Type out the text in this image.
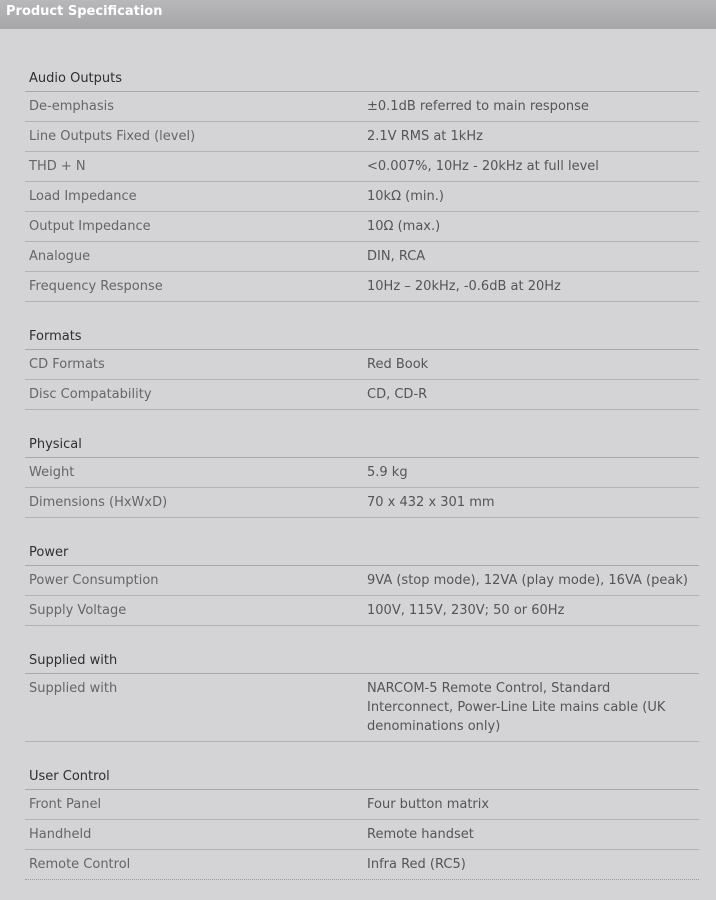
Product Specification
Audio Outputs
De-emphasis	±0.1dB referred to main response
Line Outputs Fixed (level)	2.1V RMS at 1kHz
THD + N	<0.007%, 10Hz - 20kHz at full level
Load Impedance	10kΩ (min.)
Output Impedance	10Ω (max.)
Analogue	DIN, RCA
Frequency Response	10Hz – 20kHz, -0.6dB at 20Hz
Formats
CD Formats	Red Book
Disc Compatability	CD, CD-R
Physical
Weight	5.9 kg
Dimensions (HxWxD)	70 x 432 x 301 mm
Power
Power Consumption	9VA (stop mode), 12VA (play mode), 16VA (peak)
Supply Voltage	100V, 115V, 230V; 50 or 60Hz
Supplied with
Supplied with	NARCOM-5 Remote Control, Standard Interconnect, Power-Line Lite mains cable (UK denominations only)
User Control
Front Panel	Four button matrix
Handheld	Remote handset
Remote Control	Infra Red (RC5)
